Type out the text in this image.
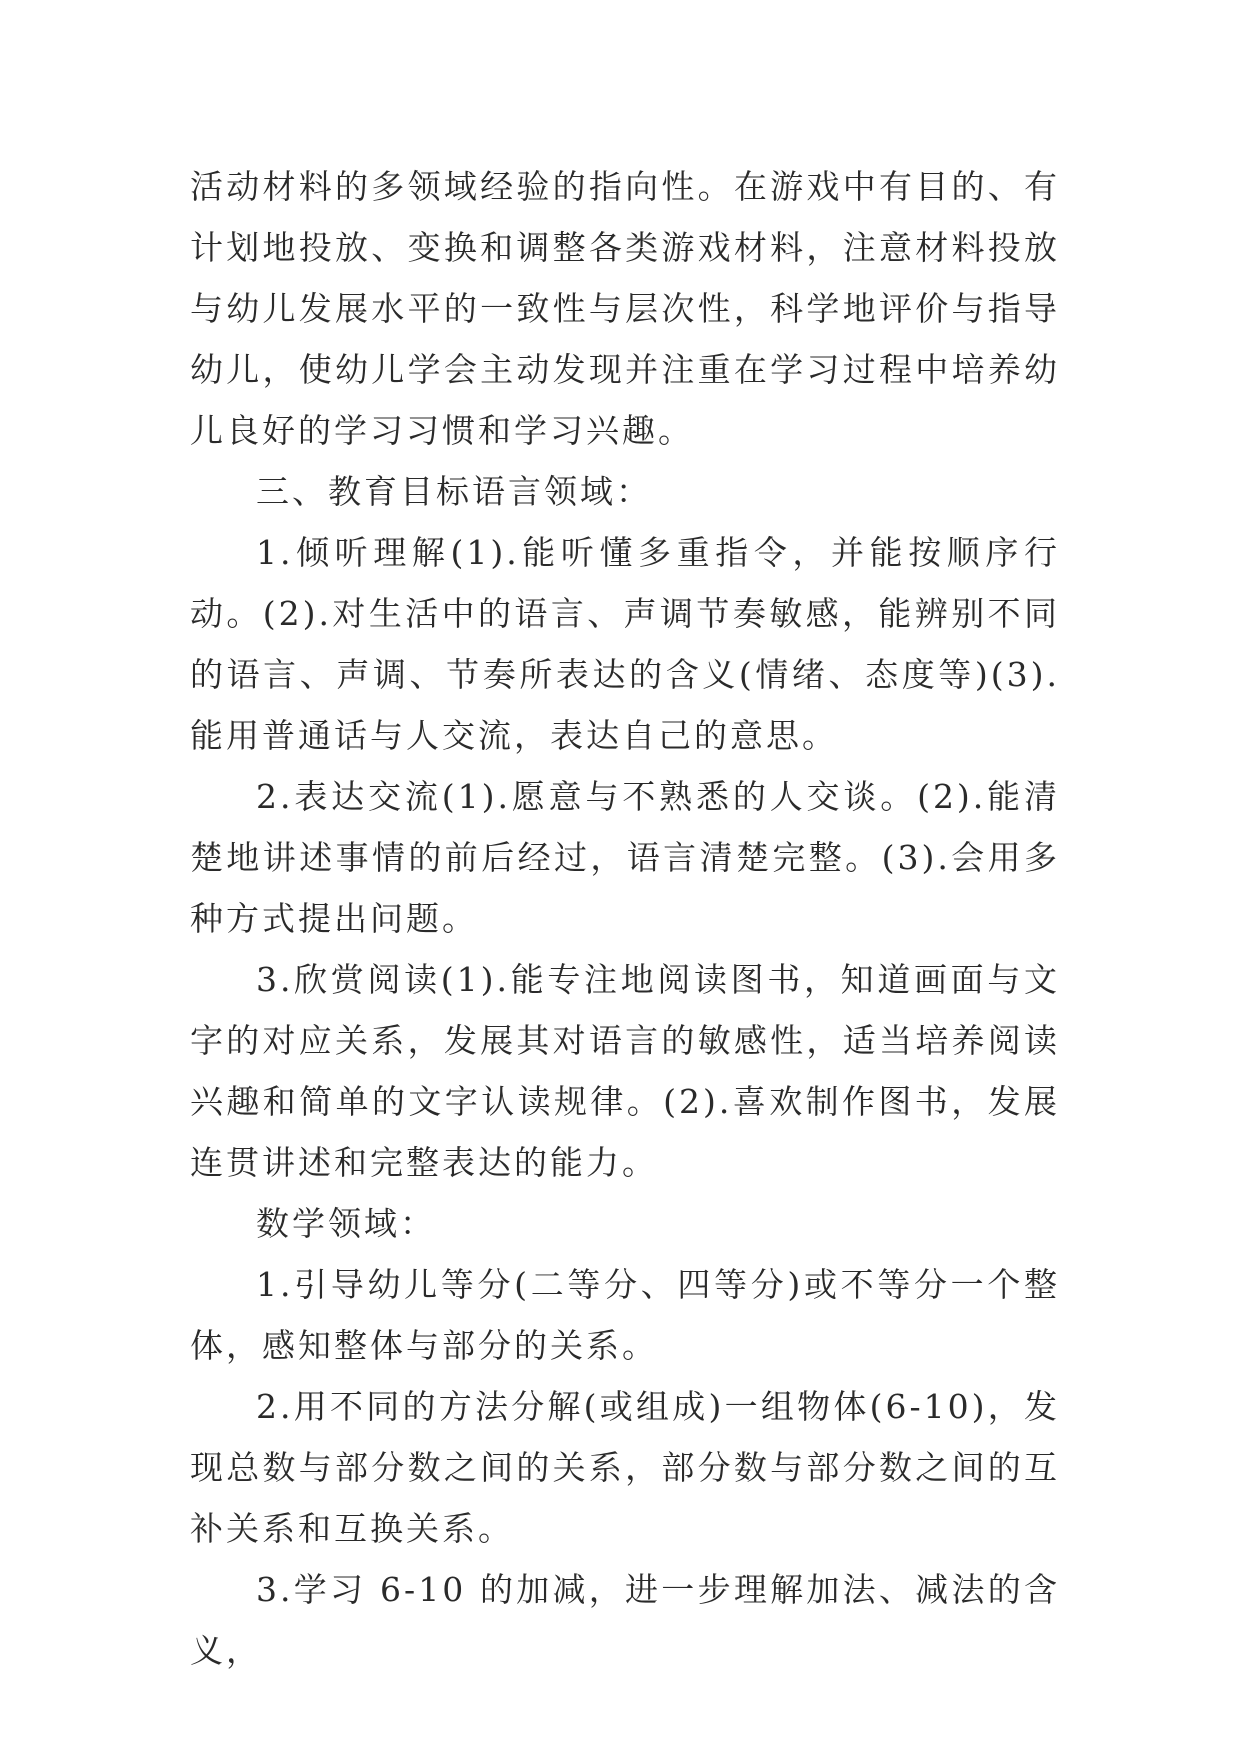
活动材料的多领域经验的指向性。在游戏中有目的、有计划地投放、变换和调整各类游戏材料，注意材料投放与幼儿发展水平的一致性与层次性，科学地评价与指导幼儿，使幼儿学会主动发现并注重在学习过程中培养幼儿良好的学习习惯和学习兴趣。

三、教育目标语言领域：

1.倾听理解(1).能听懂多重指令，并能按顺序行动。(2).对生活中的语言、声调节奏敏感，能辨别不同的语言、声调、节奏所表达的含义(情绪、态度等)(3).能用普通话与人交流，表达自己的意思。

2.表达交流(1).愿意与不熟悉的人交谈。(2).能清楚地讲述事情的前后经过，语言清楚完整。(3).会用多种方式提出问题。

3.欣赏阅读(1).能专注地阅读图书，知道画面与文字的对应关系，发展其对语言的敏感性，适当培养阅读兴趣和简单的文字认读规律。(2).喜欢制作图书，发展连贯讲述和完整表达的能力。

数学领域：

1.引导幼儿等分(二等分、四等分)或不等分一个整体，感知整体与部分的关系。

2.用不同的方法分解(或组成)一组物体(6-10)，发现总数与部分数之间的关系，部分数与部分数之间的互补关系和互换关系。

3.学习 6-10 的加减，进一步理解加法、减法的含义，
